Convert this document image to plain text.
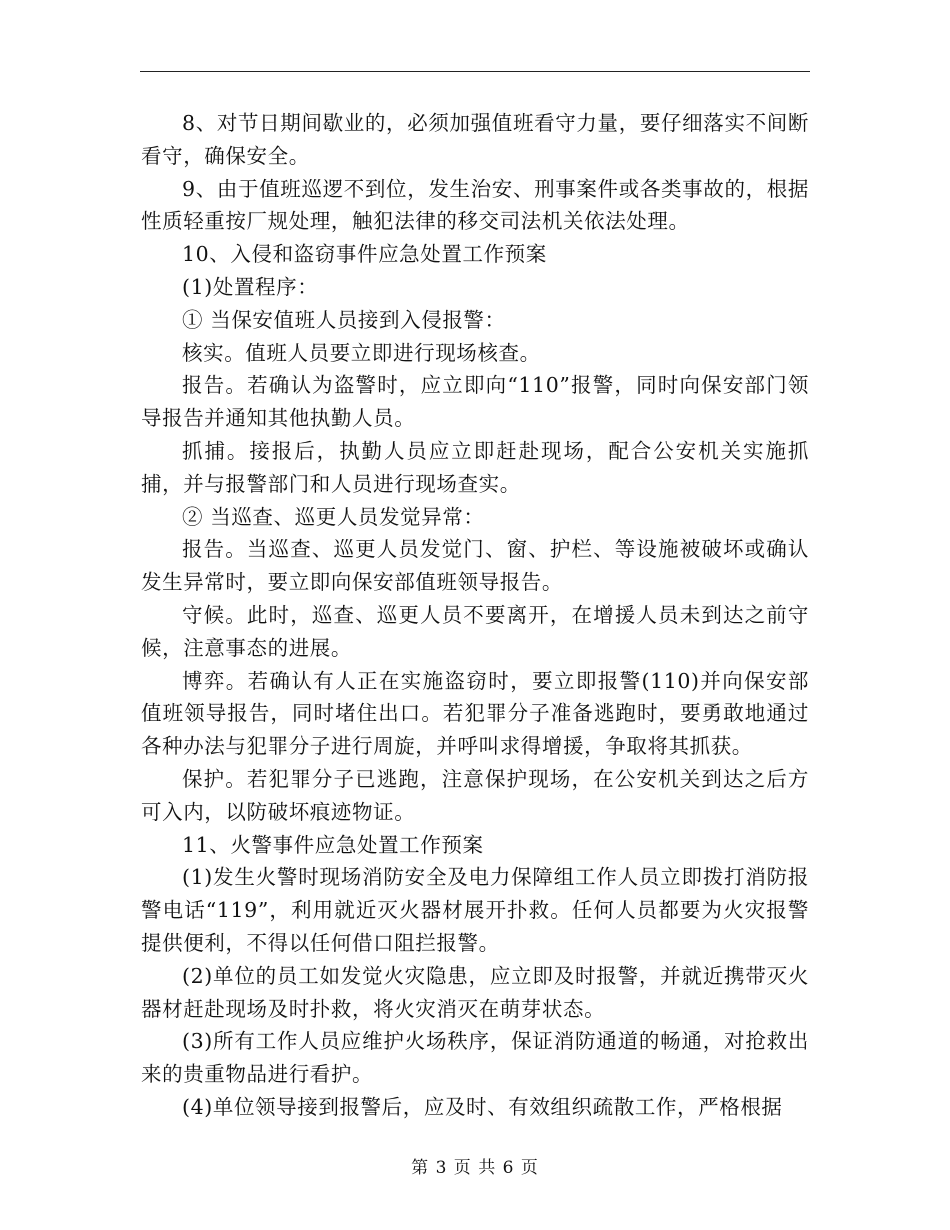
8、对节日期间歇业的，必须加强值班看守力量，要仔细落实不间断看守，确保安全。

9、由于值班巡逻不到位，发生治安、刑事案件或各类事故的，根据性质轻重按厂规处理，触犯法律的移交司法机关依法处理。

10、入侵和盗窃事件应急处置工作预案

(1)处置程序：

① 当保安值班人员接到入侵报警：

核实。值班人员要立即进行现场核查。

报告。若确认为盗警时，应立即向“110”报警，同时向保安部门领导报告并通知其他执勤人员。

抓捕。接报后，执勤人员应立即赶赴现场，配合公安机关实施抓捕，并与报警部门和人员进行现场查实。

② 当巡查、巡更人员发觉异常：

报告。当巡查、巡更人员发觉门、窗、护栏、等设施被破坏或确认发生异常时，要立即向保安部值班领导报告。

守候。此时，巡查、巡更人员不要离开，在增援人员未到达之前守候，注意事态的进展。

博弈。若确认有人正在实施盗窃时，要立即报警(110)并向保安部值班领导报告，同时堵住出口。若犯罪分子准备逃跑时，要勇敢地通过各种办法与犯罪分子进行周旋，并呼叫求得增援，争取将其抓获。

保护。若犯罪分子已逃跑，注意保护现场，在公安机关到达之后方可入内，以防破坏痕迹物证。

11、火警事件应急处置工作预案

(1)发生火警时现场消防安全及电力保障组工作人员立即拨打消防报警电话“119”，利用就近灭火器材展开扑救。任何人员都要为火灾报警提供便利，不得以任何借口阻拦报警。

(2)单位的员工如发觉火灾隐患，应立即及时报警，并就近携带灭火器材赶赴现场及时扑救，将火灾消灭在萌芽状态。

(3)所有工作人员应维护火场秩序，保证消防通道的畅通，对抢救出来的贵重物品进行看护。

(4)单位领导接到报警后，应及时、有效组织疏散工作，严格根据

第 3 页 共 6 页
